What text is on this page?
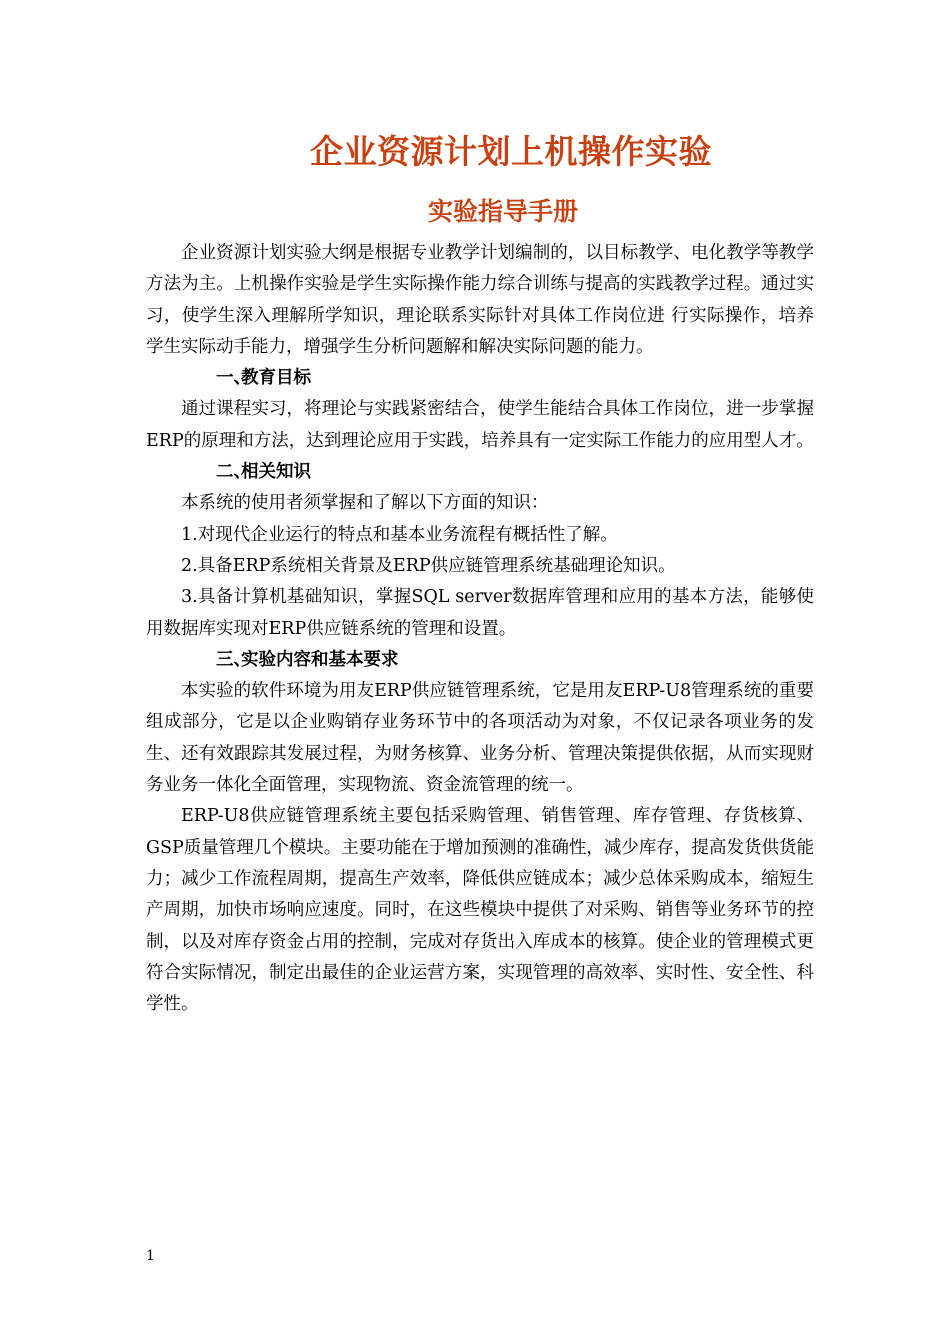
企业资源计划上机操作实验
实验指导手册

企业资源计划实验大纲是根据专业教学计划编制的，以目标教学、电化教学等教学方法为主。上机操作实验是学生实际操作能力综合训练与提高的实践教学过程。通过实习，使学生深入理解所学知识，理论联系实际针对具体工作岗位进 行实际操作，培养学生实际动手能力，增强学生分析问题解和解决实际问题的能力。

一、教育目标

通过课程实习，将理论与实践紧密结合，使学生能结合具体工作岗位，进一步掌握ERP的原理和方法，达到理论应用于实践，培养具有一定实际工作能力的应用型人才。

二、相关知识

本系统的使用者须掌握和了解以下方面的知识：

1.对现代企业运行的特点和基本业务流程有概括性了解。

2.具备ERP系统相关背景及ERP供应链管理系统基础理论知识。

3.具备计算机基础知识，掌握SQL server数据库管理和应用的基本方法，能够使用数据库实现对ERP供应链系统的管理和设置。

三、实验内容和基本要求

本实验的软件环境为用友ERP供应链管理系统，它是用友ERP-U8管理系统的重要组成部分，它是以企业购销存业务环节中的各项活动为对象，不仅记录各项业务的发生、还有效跟踪其发展过程，为财务核算、业务分析、管理决策提供依据，从而实现财务业务一体化全面管理，实现物流、资金流管理的统一。

ERP-U8供应链管理系统主要包括采购管理、销售管理、库存管理、存货核算、GSP质量管理几个模块。主要功能在于增加预测的准确性，减少库存，提高发货供货能力；减少工作流程周期，提高生产效率，降低供应链成本；减少总体采购成本，缩短生产周期，加快市场响应速度。同时，在这些模块中提供了对采购、销售等业务环节的控制，以及对库存资金占用的控制，完成对存货出入库成本的核算。使企业的管理模式更符合实际情况，制定出最佳的企业运营方案，实现管理的高效率、实时性、安全性、科学性。

1
